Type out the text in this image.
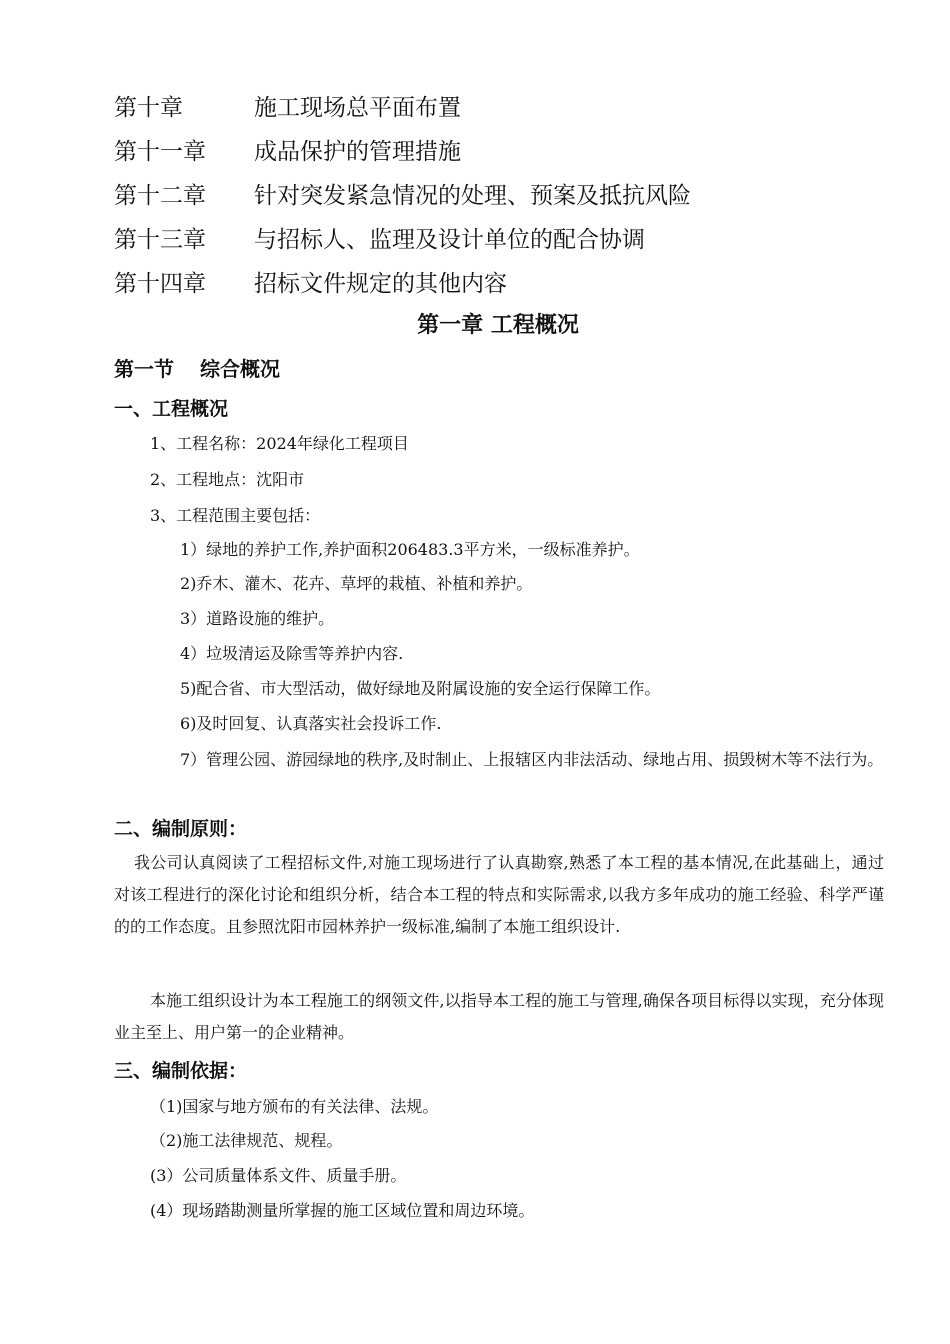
第十章	施工现场总平面布置
第十一章	成品保护的管理措施
第十二章	针对突发紧急情况的处理、预案及抵抗风险
第十三章	与招标人、监理及设计单位的配合协调
第十四章	招标文件规定的其他内容
第一章 工程概况
第一节 综合概况
一、工程概况
1、工程名称：2024年绿化工程项目
2、工程地点：沈阳市
3、工程范围主要包括：
1）绿地的养护工作,养护面积206483.3平方米，一级标准养护。
2)乔木、灌木、花卉、草坪的栽植、补植和养护。
3）道路设施的维护。
4）垃圾清运及除雪等养护内容.
5)配合省、市大型活动，做好绿地及附属设施的安全运行保障工作。
6)及时回复、认真落实社会投诉工作.
7）管理公园、游园绿地的秩序,及时制止、上报辖区内非法活动、绿地占用、损毁树木等不法行为。
二、编制原则：
我公司认真阅读了工程招标文件,对施工现场进行了认真勘察,熟悉了本工程的基本情况,在此基础上，通过对该工程进行的深化讨论和组织分析，结合本工程的特点和实际需求,以我方多年成功的施工经验、科学严谨的的工作态度。且参照沈阳市园林养护一级标准,编制了本施工组织设计.
本施工组织设计为本工程施工的纲领文件,以指导本工程的施工与管理,确保各项目标得以实现，充分体现业主至上、用户第一的企业精神。
三、编制依据：
（1)国家与地方颁布的有关法律、法规。
（2)施工法律规范、规程。
(3）公司质量体系文件、质量手册。
(4）现场踏勘测量所掌握的施工区域位置和周边环境。
